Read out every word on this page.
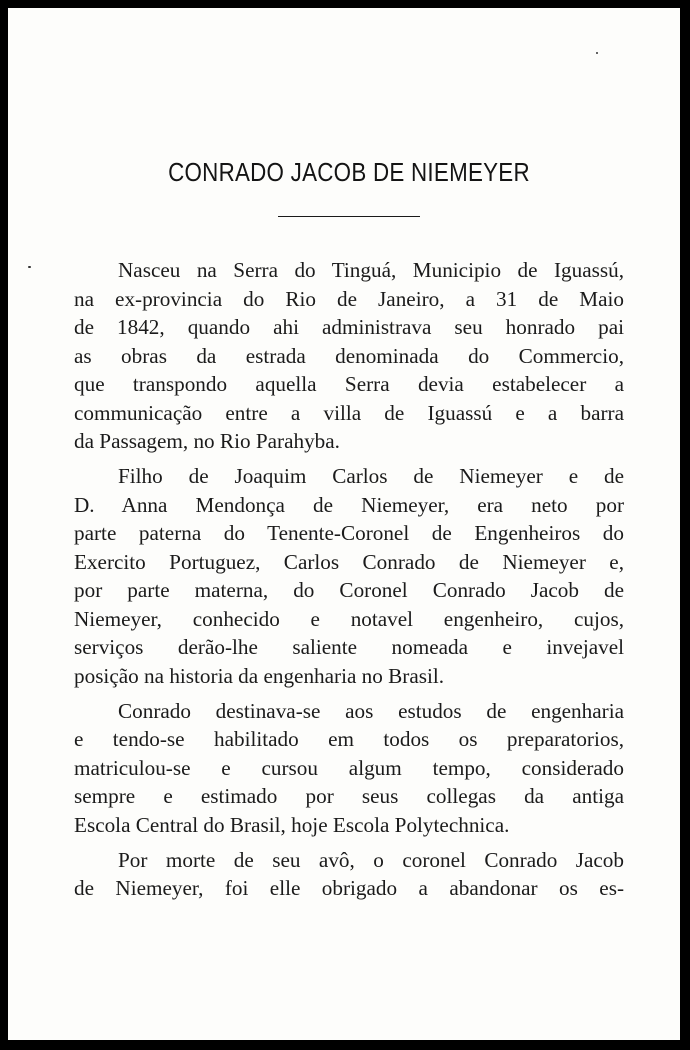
CONRADO JACOB DE NIEMEYER
Nasceu na Serra do Tinguá, Municipio de Iguassú,
na ex-provincia do Rio de Janeiro, a 31 de Maio
de 1842, quando ahi administrava seu honrado pai
as obras da estrada denominada do Commercio,
que transpondo aquella Serra devia estabelecer a
communicação entre a villa de Iguassú e a barra
da Passagem, no Rio Parahyba.
Filho de Joaquim Carlos de Niemeyer e de
D. Anna Mendonça de Niemeyer, era neto por
parte paterna do Tenente-Coronel de Engenheiros do
Exercito Portuguez, Carlos Conrado de Niemeyer e,
por parte materna, do Coronel Conrado Jacob de
Niemeyer, conhecido e notavel engenheiro, cujos,
serviços derão-lhe saliente nomeada e invejavel
posição na historia da engenharia no Brasil.
Conrado destinava-se aos estudos de engenharia
e tendo-se habilitado em todos os preparatorios,
matriculou-se e cursou algum tempo, considerado
sempre e estimado por seus collegas da antiga
Escola Central do Brasil, hoje Escola Polytechnica.
Por morte de seu avô, o coronel Conrado Jacob
de Niemeyer, foi elle obrigado a abandonar os es-
